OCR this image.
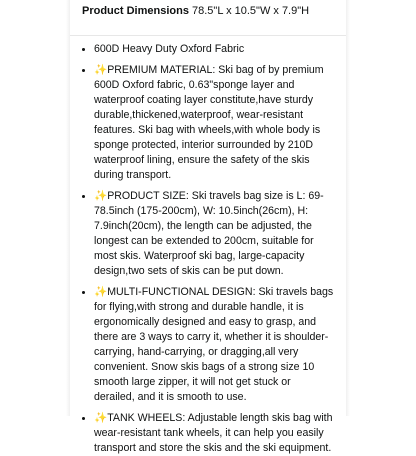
Product Dimensions 78.5"L x 10.5"W x 7.9"H
600D Heavy Duty Oxford Fabric
✨PREMIUM MATERIAL: Ski bag of by premium 600D Oxford fabric, 0.63"sponge layer and waterproof coating layer constitute,have sturdy durable,thickened,waterproof, wear-resistant features. Ski bag with wheels,with whole body is sponge protected, interior surrounded by 210D waterproof lining, ensure the safety of the skis during transport.
✨PRODUCT SIZE: Ski travels bag size is L: 69-78.5inch (175-200cm), W: 10.5inch(26cm), H: 7.9inch(20cm), the length can be adjusted, the longest can be extended to 200cm, suitable for most skis. Waterproof ski bag, large-capacity design,two sets of skis can be put down.
✨MULTI-FUNCTIONAL DESIGN: Ski travels bags for flying,with strong and durable handle, it is ergonomically designed and easy to grasp, and there are 3 ways to carry it, whether it is shoulder-carrying, hand-carrying, or dragging,all very convenient. Snow skis bags of a strong size 10 smooth large zipper, it will not get stuck or derailed, and it is smooth to use.
✨TANK WHEELS: Adjustable length skis bag with wear-resistant tank wheels, it can help you easily transport and store the skis and the ski equipment.
